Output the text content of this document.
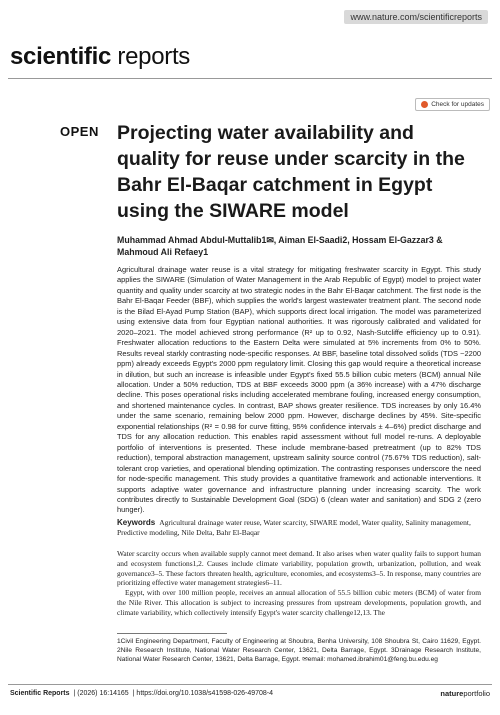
www.nature.com/scientificreports
scientific reports
Check for updates
OPEN Projecting water availability and quality for reuse under scarcity in the Bahr El-Baqar catchment in Egypt using the SIWARE model
Muhammad Ahmad Abdul-Muttalib1✉, Aiman El-Saadi2, Hossam El-Gazzar3 & Mahmoud Ali Refaey1
Agricultural drainage water reuse is a vital strategy for mitigating freshwater scarcity in Egypt. This study applies the SIWARE (Simulation of Water Management in the Arab Republic of Egypt) model to project water quantity and quality under scarcity at two strategic nodes in the Bahr El-Baqar catchment. The first node is the Bahr El-Baqar Feeder (BBF), which supplies the world's largest wastewater treatment plant. The second node is the Bilad El-Ayad Pump Station (BAP), which supports direct local irrigation. The model was parameterized using extensive data from four Egyptian national authorities. It was rigorously calibrated and validated for 2020–2021. The model achieved strong performance (R² up to 0.92, Nash-Sutcliffe efficiency up to 0.91). Freshwater allocation reductions to the Eastern Delta were simulated at 5% increments from 0% to 50%. Results reveal starkly contrasting node-specific responses. At BBF, baseline total dissolved solids (TDS ~2200 ppm) already exceeds Egypt's 2000 ppm regulatory limit. Closing this gap would require a theoretical increase in dilution, but such an increase is infeasible under Egypt's fixed 55.5 billion cubic meters (BCM) annual Nile allocation. Under a 50% reduction, TDS at BBF exceeds 3000 ppm (a 36% increase) with a 47% discharge decline. This poses operational risks including accelerated membrane fouling, increased energy consumption, and shortened maintenance cycles. In contrast, BAP shows greater resilience. TDS increases by only 16.4% under the same scenario, remaining below 2000 ppm. However, discharge declines by 45%. Site-specific exponential relationships (R² = 0.98 for curve fitting, 95% confidence intervals ± 4–6%) predict discharge and TDS for any allocation reduction. This enables rapid assessment without full model re-runs. A deployable portfolio of interventions is presented. These include membrane-based pretreatment (up to 82% TDS reduction), temporal abstraction management, upstream salinity source control (75.67% TDS reduction), salt-tolerant crop varieties, and operational blending optimization. The contrasting responses underscore the need for node-specific management. This study provides a quantitative framework and actionable interventions. It supports adaptive water governance and infrastructure planning under increasing scarcity. The work contributes directly to Sustainable Development Goal (SDG) 6 (clean water and sanitation) and SDG 2 (zero hunger).
Keywords Agricultural drainage water reuse, Water scarcity, SIWARE model, Water quality, Salinity management, Predictive modeling, Nile Delta, Bahr El-Baqar

Water scarcity occurs when available supply cannot meet demand. It also arises when water quality fails to support human and ecosystem functions1,2. Causes include climate variability, population growth, urbanization, pollution, and weak governance3–5. These factors threaten health, agriculture, economies, and ecosystems3–5. In response, many countries are prioritizing effective water management strategies6–11.

Egypt, with over 100 million people, receives an annual allocation of 55.5 billion cubic meters (BCM) of water from the Nile River. This allocation is subject to increasing pressures from upstream developments, population growth, and climate variability, which collectively intensify Egypt's water scarcity challenge12,13. The

1Civil Engineering Department, Faculty of Engineering at Shoubra, Benha University, 108 Shoubra St, Cairo 11629, Egypt. 2Nile Research Institute, National Water Research Center, 13621, Delta Barrage, Egypt. 3Drainage Research Institute, National Water Research Center, 13621, Delta Barrage, Egypt. ✉email: mohamed.ibrahim01@feng.bu.edu.eg
Scientific Reports | (2026) 16:14165 | https://doi.org/10.1038/s41598-026-49708-4	natureportfolio
